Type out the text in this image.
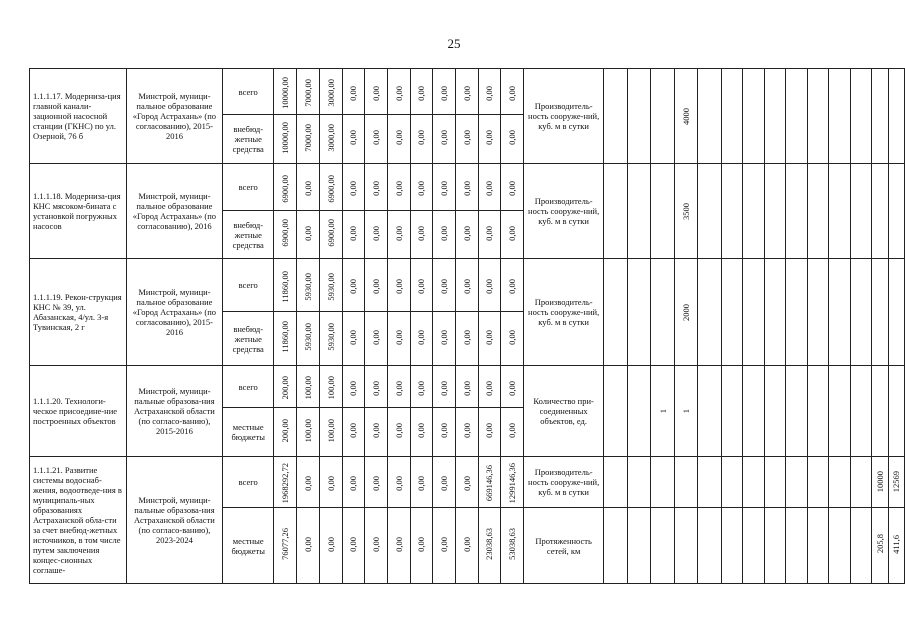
25
1.1.1.17. Модерниза-ция главной канали-зационной насосной станции (ГКНС) по ул. Озерной, 76 б	Минстрой, муници-пальное образование «Город Астрахань» (по согласованию), 2015-2016	всего	10000,00	7000,00	3000,00	0,00	0,00	0,00	0,00	0,00	0,00	0,00	0,00	Производитель-ность сооруже-ний, куб. м в сутки				4000										

		внебюд-жетные средства	10000,00	7000,00	3000,00	0,00	0,00	0,00	0,00	0,00	0,00	0,00	0,00															

1.1.1.18. Модерниза-ция КНС мясоком-бината с установкой погружных насосов	Минстрой, муници-пальное образование «Город Астрахань» (по согласованию), 2016	всего	6900,00	0,00	6900,00	0,00	0,00	0,00	0,00	0,00	0,00	0,00	0,00	Производитель-ность сооруже-ний, куб. м в сутки				3500										

		внебюд-жетные средства	6900,00	0,00	6900,00	0,00	0,00	0,00	0,00	0,00	0,00	0,00	0,00															

1.1.1.19. Рекон-струкция КНС № 39, ул. Абазанская, 4/ул. 3-я Тувинская, 2 г	Минстрой, муници-пальное образование «Город Астрахань» (по согласованию), 2015-2016	всего	11860,00	5930,00	5930,00	0,00	0,00	0,00	0,00	0,00	0,00	0,00	0,00	Производитель-ность сооруже-ний, куб. м в сутки				2000										

		внебюд-жетные средства	11860,00	5930,00	5930,00	0,00	0,00	0,00	0,00	0,00	0,00	0,00	0,00															

1.1.1.20. Технологи-ческое присоедине-ние построенных объектов	Минстрой, муници-пальные образова-ния Астраханской области (по согласо-ванию), 2015-2016	всего	200,00	100,00	100,00	0,00	0,00	0,00	0,00	0,00	0,00	0,00	0,00	Количество при-соединенных объектов, ед.			1	1										

		местные бюджеты	200,00	100,00	100,00	0,00	0,00	0,00	0,00	0,00	0,00	0,00	0,00															

1.1.1.21. Развитие системы водоснаб-жения, водоотведе-ния в муниципаль-ных образованиях Астраханской обла-сти за счет внебюд-жетных источников, в том числе путем заключения концес-сионных соглаше-	Минстрой, муници-пальные образова-ния Астраханской области (по согласо-ванию), 2023-2024	всего	1968292,72	0,00	0,00	0,00	0,00	0,00	0,00	0,00	0,00	669146,36	1299146,36	Производитель-ность сооруже-ний, куб. м в сутки													10000	12569

		местные бюджеты	76077,26	0,00	0,00	0,00	0,00	0,00	0,00	0,00	0,00	23038,63	53038,63	Протяженность сетей, км													205,8	411,6
